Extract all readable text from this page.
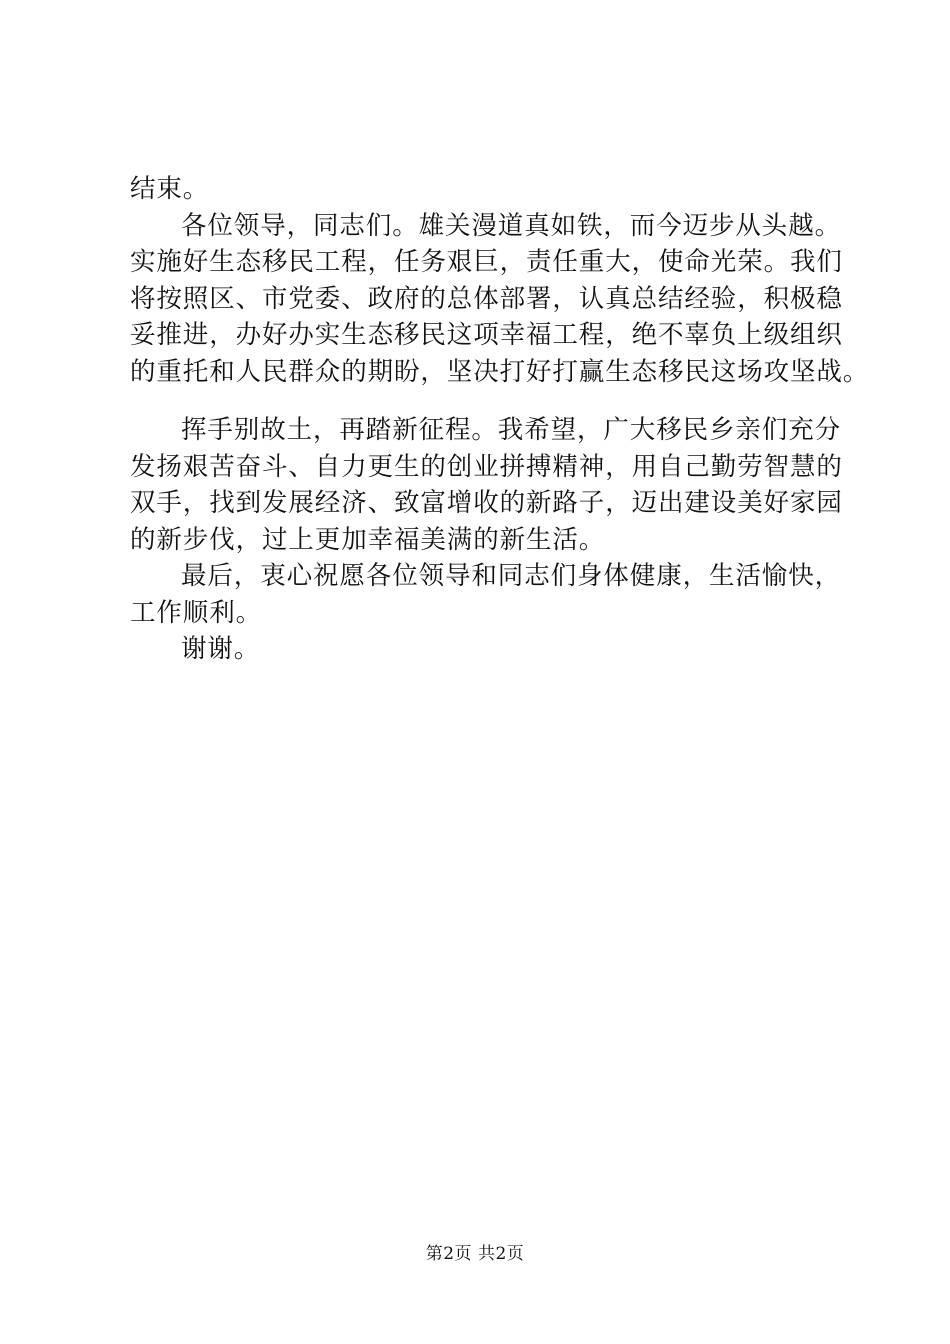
结束。
各位领导，同志们。雄关漫道真如铁，而今迈步从头越。
实施好生态移民工程，任务艰巨，责任重大，使命光荣。我们
将按照区、市党委、政府的总体部署，认真总结经验，积极稳
妥推进，办好办实生态移民这项幸福工程，绝不辜负上级组织
的重托和人民群众的期盼，坚决打好打赢生态移民这场攻坚战。
挥手别故土，再踏新征程。我希望，广大移民乡亲们充分
发扬艰苦奋斗、自力更生的创业拼搏精神，用自己勤劳智慧的
双手，找到发展经济、致富增收的新路子，迈出建设美好家园
的新步伐，过上更加幸福美满的新生活。
最后，衷心祝愿各位领导和同志们身体健康，生活愉快，
工作顺利。
谢谢。
第2页 共2页
